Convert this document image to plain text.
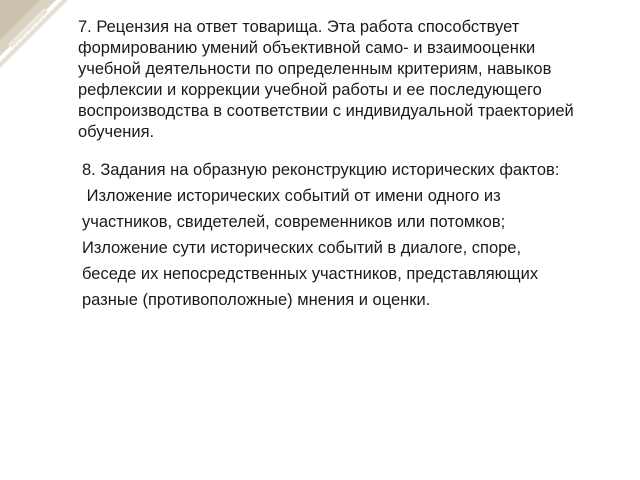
7. Рецензия на ответ товарища. Эта работа способствует
формированию умений объективной само- и взаимооценки
учебной деятельности по определенным критериям, навыков
рефлексии и коррекции учебной работы и ее последующего
воспроизводства в соответствии с индивидуальной траекторией
обучения.

8. Задания на образную реконструкцию исторических фактов:
Изложение исторических событий от имени одного из
участников, свидетелей, современников или потомков;
Изложение сути исторических событий в диалоге, споре,
беседе их непосредственных участников, представляющих
разные (противоположные) мнения и оценки.
